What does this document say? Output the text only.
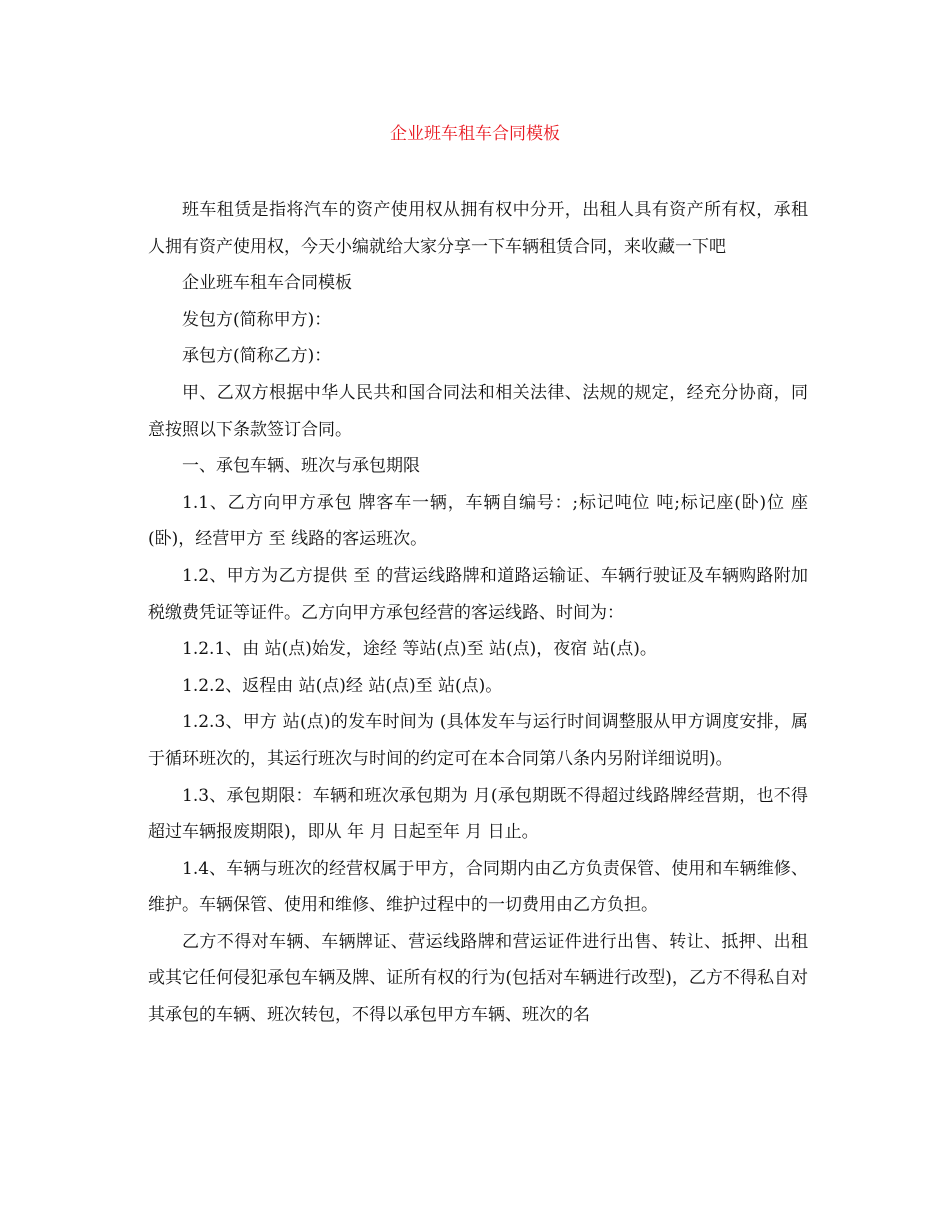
企业班车租车合同模板

班车租赁是指将汽车的资产使用权从拥有权中分开，出租人具有资产所有权，承租人拥有资产使用权，今天小编就给大家分享一下车辆租赁合同，来收藏一下吧

企业班车租车合同模板

发包方(简称甲方)：

承包方(简称乙方)：

甲、乙双方根据中华人民共和国合同法和相关法律、法规的规定，经充分协商，同意按照以下条款签订合同。

一、承包车辆、班次与承包期限

1.1、乙方向甲方承包 牌客车一辆，车辆自编号：;标记吨位 吨;标记座(卧)位 座(卧)，经营甲方 至 线路的客运班次。

1.2、甲方为乙方提供 至 的营运线路牌和道路运输证、车辆行驶证及车辆购路附加税缴费凭证等证件。乙方向甲方承包经营的客运线路、时间为：

1.2.1、由 站(点)始发，途经 等站(点)至 站(点)，夜宿 站(点)。

1.2.2、返程由 站(点)经 站(点)至 站(点)。

1.2.3、甲方 站(点)的发车时间为 (具体发车与运行时间调整服从甲方调度安排，属于循环班次的，其运行班次与时间的约定可在本合同第八条内另附详细说明)。

1.3、承包期限：车辆和班次承包期为 月(承包期既不得超过线路牌经营期，也不得超过车辆报废期限)，即从 年 月 日起至年 月 日止。

1.4、车辆与班次的经营权属于甲方，合同期内由乙方负责保管、使用和车辆维修、维护。车辆保管、使用和维修、维护过程中的一切费用由乙方负担。

乙方不得对车辆、车辆牌证、营运线路牌和营运证件进行出售、转让、抵押、出租或其它任何侵犯承包车辆及牌、证所有权的行为(包括对车辆进行改型)，乙方不得私自对其承包的车辆、班次转包，不得以承包甲方车辆、班次的名
